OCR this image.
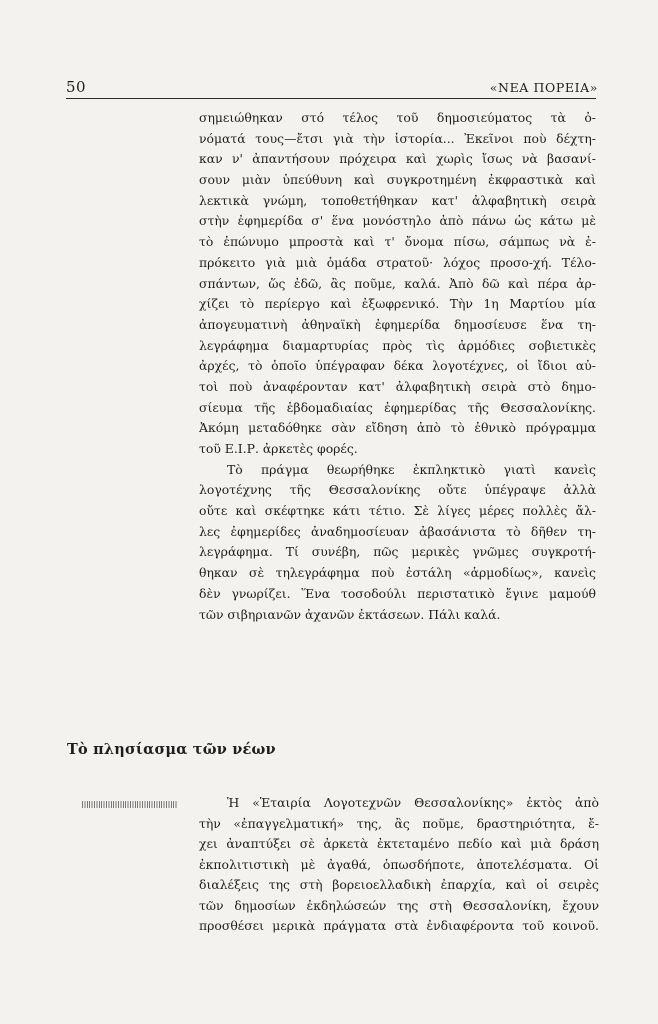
50	«ΝΕΑ ΠΟΡΕΙΑ»
σημειώθηκαν στό τέλος τοῦ δημοσιεύματος τὰ ὀ-
νόματά τους—ἔτσι γιὰ τὴν ἱστορία... Ἐκεῖνοι ποὺ δέχτη-
καν ν' ἀπαντήσουν πρόχειρα καὶ χωρὶς ἴσως νὰ βασανί-
σουν μιὰν ὑπεύθυνη καὶ συγκροτημένη ἐκφραστικὰ καὶ
λεκτικὰ γνώμη, τοποθετήθηκαν κατ' ἀλφαβητικὴ σειρὰ
στὴν ἐφημερίδα σ' ἕνα μονόστηλο ἀπὸ πάνω ὡς κάτω μὲ
τὸ ἐπώνυμο μπροστὰ καὶ τ' ὄνομα πίσω, σάμπως νὰ ἐ-
πρόκειτο γιὰ μιὰ ὁμάδα στρατοῦ· λόχος προσο-χή. Τέλο-
σπάντων, ὥς ἐδῶ, ἂς ποῦμε, καλά. Ἀπὸ δῶ καὶ πέρα ἀρ-
χίζει τὸ περίεργο καὶ ἐξωφρενικό. Τὴν 1η Μαρτίου μία
ἀπογευματινὴ ἀθηναϊκὴ ἐφημερίδα δημοσίευσε ἕνα τη-
λεγράφημα διαμαρτυρίας πρὸς τὶς ἁρμόδιες σοβιετικὲς
ἀρχές, τὸ ὁποῖο ὑπέγραφαν δέκα λογοτέχνες, οἱ ἴδιοι αὐ-
τοὶ ποὺ ἀναφέρονταν κατ' ἀλφαβητικὴ σειρὰ στὸ δημο-
σίευμα τῆς ἑβδομαδιαίας ἐφημερίδας τῆς Θεσσαλονίκης.
Ἀκόμη μεταδόθηκε σὰν εἴδηση ἀπὸ τὸ ἐθνικὸ πρόγραμμα
τοῦ Ε.Ι.Ρ. ἀρκετὲς φορές.
Τὸ πράγμα θεωρήθηκε ἐκπληκτικὸ γιατὶ κανεὶς
λογοτέχνης τῆς Θεσσαλονίκης οὔτε ὑπέγραψε ἀλλὰ
οὔτε καὶ σκέφτηκε κάτι τέτιο. Σὲ λίγες μέρες πολλὲς ἄλ-
λες ἐφημερίδες ἀναδημοσίευαν ἀβασάνιστα τὸ δῆθεν τη-
λεγράφημα. Τί συνέβη, πῶς μερικὲς γνῶμες συγκροτή-
θηκαν σὲ τηλεγράφημα ποὺ ἐστάλη «ἁρμοδίως», κανεὶς
δὲν γνωρίζει. Ἕνα τοσοδούλι περιστατικὸ ἔγινε μαμούθ
τῶν σιβηριανῶν ἀχανῶν ἐκτάσεων. Πάλι καλά.
Τὸ πλησίασμα τῶν νέων
Ἡ «Ἑταιρία Λογοτεχνῶν Θεσσαλονίκης» ἐκτὸς ἀπὸ
τὴν «ἐπαγγελματική» της, ἂς ποῦμε, δραστηριότητα, ἔ-
χει ἀναπτύξει σὲ ἀρκετὰ ἐκτεταμένο πεδίο καὶ μιὰ δράση
ἐκπολιτιστικὴ μὲ ἀγαθά, ὁπωσδήποτε, ἀποτελέσματα. Οἱ
διαλέξεις της στὴ βορειοελλαδικὴ ἐπαρχία, καὶ οἱ σειρὲς
τῶν δημοσίων ἐκδηλώσεών της στὴ Θεσσαλονίκη, ἔχουν
προσθέσει μερικὰ πράγματα στὰ ἐνδιαφέροντα τοῦ κοινοῦ.
